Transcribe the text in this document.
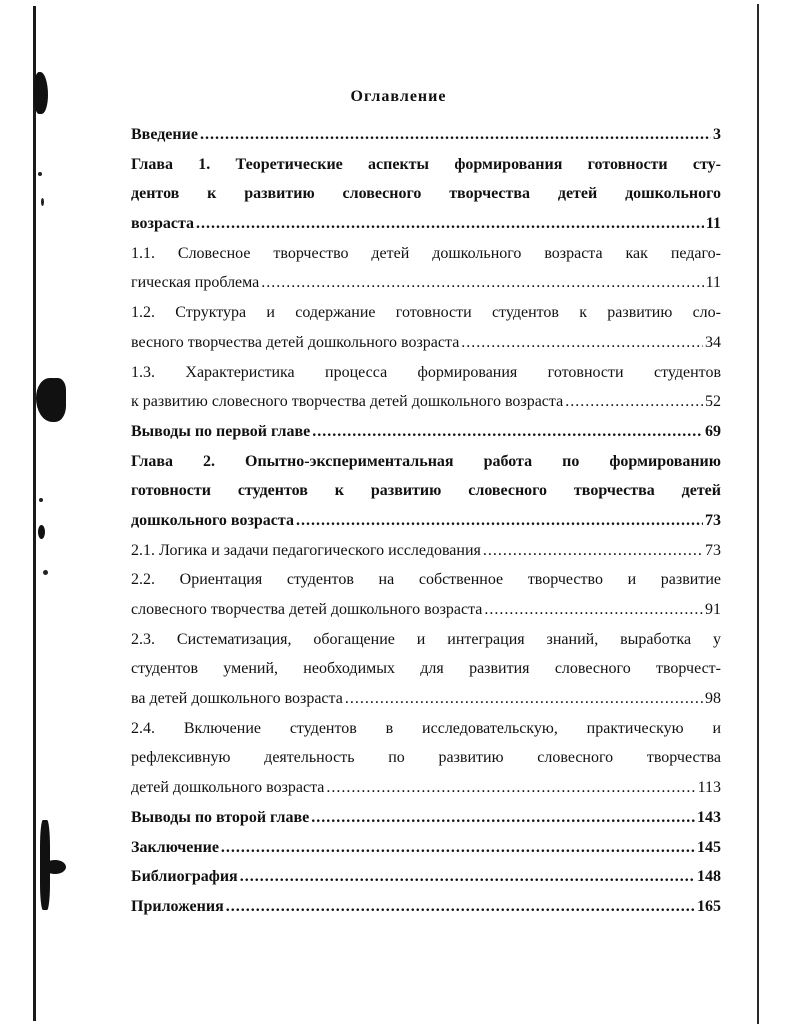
Оглавление
Введение .....	3
Глава 1. Теоретические аспекты формирования готовности сту-
дентов к развитию словесного творчества детей дошкольного
возраста .....	11
1.1. Словесное творчество детей дошкольного возраста как педаго-
гическая проблема .....	11
1.2. Структура и содержание готовности студентов к развитию сло-
весного творчества детей дошкольного возраста .....	34
1.3. Характеристика процесса формирования готовности студентов
к развитию словесного творчества детей дошкольного возраста .....	52
Выводы по первой главе .....	69
Глава 2. Опытно-экспериментальная работа по формированию
готовности студентов к развитию словесного творчества детей
дошкольного возраста .....	73
2.1. Логика и задачи педагогического исследования .....	73
2.2. Ориентация студентов на собственное творчество и развитие
словесного творчества детей дошкольного возраста .....	91
2.3. Систематизация, обогащение и интеграция знаний, выработка у
студентов умений, необходимых для развития словесного творчест-
ва детей дошкольного возраста .....	98
2.4. Включение студентов в исследовательскую, практическую и
рефлексивную деятельность по развитию словесного творчества
детей дошкольного возраста .....	113
Выводы по второй главе .....	143
Заключение .....	145
Библиография .....	148
Приложения .....	165
